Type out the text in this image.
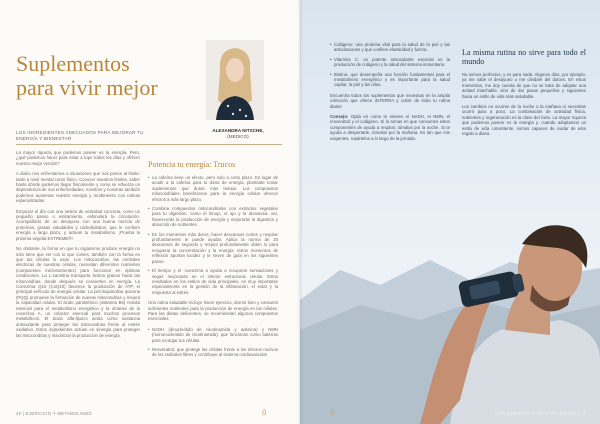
Suplementos para vivir mejor
LOS INGREDIENTES ADECUADOS PARA MEJORAR TU ENERGÍA Y BIENESTAR
ALEXANDRA NITSCHE,
(MEDICO)

La mayor riqueza que podemos poseer es la energía. Pero, ¿qué podemos hacer para estar a tope todos los días y ofrecer nuestro mejor versión?

A diario nos enfrentamos a situaciones que nos ponen al límite: tanto a nivel mental como físico. Conocer nuestros límites, saber hasta dónde podemos llegar físicamente y como se refuerza un dependencia de sus enfermedades, nosotros y nosotras también podemos aumentar nuestro energía y rendimiento con rutinas especializadas.

Empezar el día con una sesión de actividad concreta, como un pequeño paseo o estiramiento, estimulará la circulación. Acompañarlo de un desayuno con una buena mezcla de proteínas, grasas saludables y carbohidratos, que le confiere energía a largo plazo, y activan tu metabolismo. ¡Prueba la próxima vegetal EXTREME®!

No obstante, la forma en que tu organismo produce energía no solo tiene que ver con lo que comes, también con la forma en que tus células lo usan. Los mitocondrias, las centrales eléctricas de nuestras células, necesitan diferentes nutrientes (compuestos micronutrientes) para funcionar en óptimas condiciones. La L-carnitina transporta ácidos grasos hacia las mitocondrias, donde después se convierten en energía. La Coenzima Q10 (CoQ10) favorece la producción de ATP, el principal vehículo de energía celular. La pirroloquinolina quinona (PQQ) promueve la formación de nuevas mitocondrias y mejora la capacidad celular. El ácido pantoténico (vitamina B5) resulta esencial para el metabolismo energético y la síntesis de la coenzima A, un cofactor esencial para muchos procesos metabólicos. El ácido alfa-lipoico actúa como sustancia antioxidante para proteger las mitocondrias frente al estrés oxidativo. Estos ingredientes actúan en sinergia para proteger las mitocondrias y maximizar la producción de energía.

Potencia tu energía: Trucos
• La cafeína tiene un efecto, pero solo a corto plazo. En lugar de acudir a la cafeína para tu dosis de energía, plantéate tomar suplementos que duran más tiempo. Los compuestos mitocondriales beneficiosos para la energía celular ofrecen efectos a más largo plazo.
• Combina compuestos mitocondriales con extractos vegetales para tu digestión, como el hinojo, el ajo y la alcaravea, así, favorecerás la producción de energía y mejorarás la digestión y absorción de nutrientes.
• En los momentos más duros, hacer descansos cortos y respirar profundamente te puede ayudar. Aplica la norma de 20 descansos de segundo y respira profundamente obtén lo para recuperar la concentración y la energía. Estos momentos de reflexión aportan lucidez y te sirven de guía en los siguientes pasos.
• El tiempo y el -coenzima a ayuda a recuperar sensaciones y seguir mejorando en el interior estructuras celular. Estos resultados en los estilos de vida principales, es muy importante especialmente en la gestión de la inflamación, el estar y la respuesta al estrés.

Una rutina saludable incluye hacer ejercicio, dormir bien y consumir suficientes nutrientes para la producción de energía en las células. Para las dietas deficientes, se recomiendan algunos compuestos esenciales:

• NADH (dinucleótido de nicotinamida y adenina) y NMN (mononucleótido de nicotinamida), que funcionan como baterías para recargar tus células.
• Resveratrol, que protege las células frente a los efectos nocivos de los radicales libres y contribuye al sistema cardiovascular.
42 | EJERCICIO Y METABOLISMO	ō	SUPLEMENTOS PARA VIVIR MEJOR | 43
ō
• Colágeno: una proteína vital para la salud de la piel y las articulaciones y que confiere elasticidad y fuerza.
• Vitamina C: un potente antioxidante esencial en la producción de colágeno y la salud del sistema inmunitario.
• Biotina: que desempeña una función fundamental para el metabolismo energético y es importante para la salud capilar, la piel y las uñas.

Encuentra todos los suplementos que necesitas en la amplia colección que ofrece doTERRA y cubre de éxito tu rutina diaria!

Consejo: Ojalá en como te sienten el NADH, el NMN, el resveratrol y el colágeno. Si lo tomas en que consumes estos componentes de ayuda a respirar, tómalos por la noche. Si te ayuda a despertarte, tómalos por la mañana. Es tan que mis exigentes, repártelos a lo largo de la jornada.

La misma rutina no sirve para todo el mundo

No somos perfectos, y es para nada. Algunos días, por ejemplo, ya me sabe el desayuno o me olvidaré del dulces. En estos momentos, me doy cuenta de que no se trata de adoptar una actitud intachable, sino de dar pasos pequeños y siguientes hacia un estilo de vida más saludable.

Los cambios no ocurren de la noche a la mañana ni necesitan ocurrir para a poco. La combinación de actividad física, nutrientes y regeneración es la clave del éxito. La mayor riqueza que podemos poseer es la energía y, cuando adoptamos un estilo de vida consistente, somos capaces de cuidar de este regalo a diario.
